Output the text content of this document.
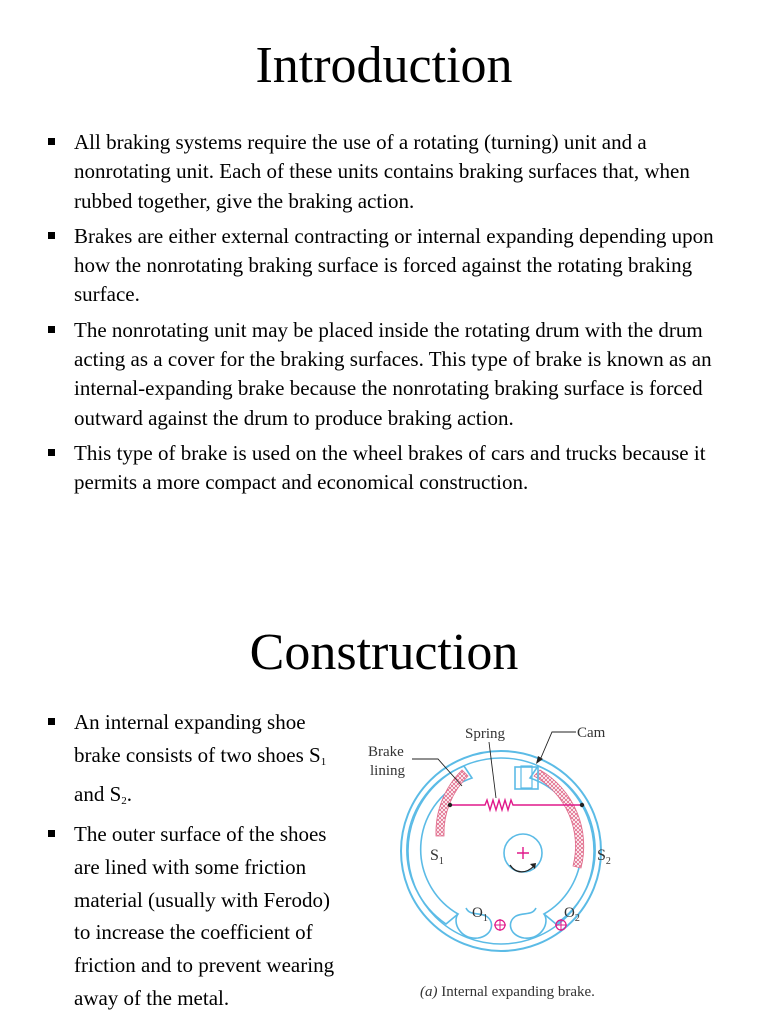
Introduction
All braking systems require the use of a rotating (turning) unit and a nonrotating unit. Each of these units contains braking surfaces that, when rubbed together, give the braking action.
Brakes are either external contracting or internal expanding depending upon how the nonrotating braking surface is forced against the rotating braking surface.
The nonrotating unit may be placed inside the rotating drum with the drum acting as a cover for the braking surfaces. This type of brake is known as an internal-expanding brake because the nonrotating braking surface is forced outward against the drum to produce braking action.
This type of brake is used on the wheel brakes of cars and trucks because it permits a more compact and economical construction.
Construction
An internal expanding shoe brake consists of two shoes $S_1$ and $S_2$.
The outer surface of the shoes are lined with some friction material (usually with Ferodo) to increase the coefficient of friction and to prevent wearing away of the metal.
Spring	Cam
Brake
lining
$S_1$	$S_2$
$O_1$	$O_2$
(a) Internal expanding brake.
